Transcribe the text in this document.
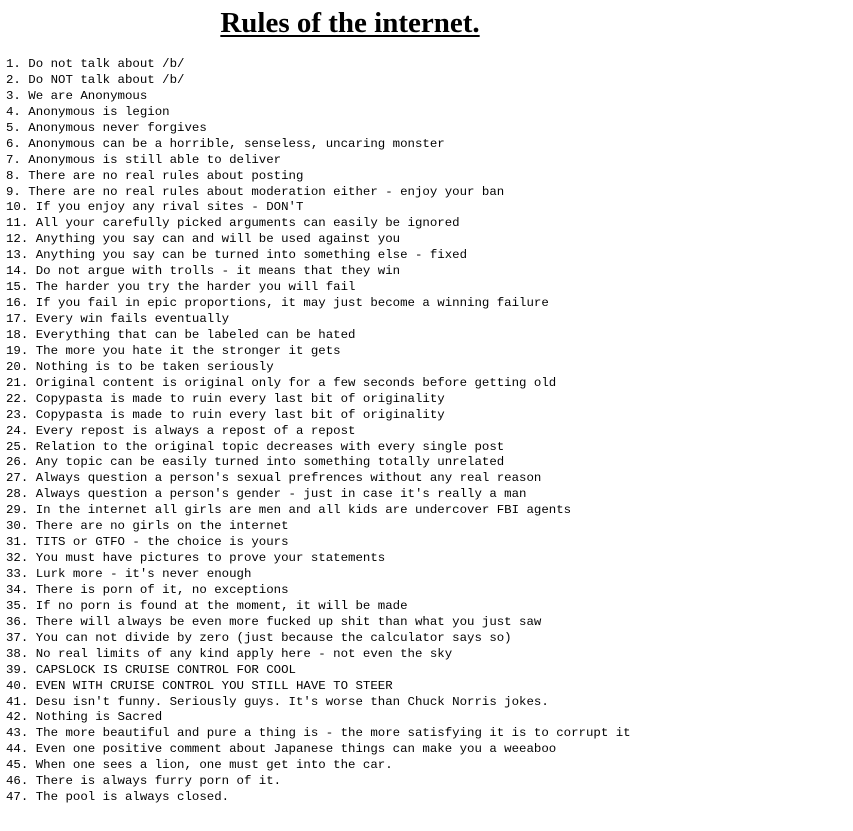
Rules of the internet.
1. Do not talk about /b/
2. Do NOT talk about /b/
3. We are Anonymous
4. Anonymous is legion
5. Anonymous never forgives
6. Anonymous can be a horrible, senseless, uncaring monster
7. Anonymous is still able to deliver
8. There are no real rules about posting
9. There are no real rules about moderation either - enjoy your ban
10. If you enjoy any rival sites - DON'T
11. All your carefully picked arguments can easily be ignored
12. Anything you say can and will be used against you
13. Anything you say can be turned into something else - fixed
14. Do not argue with trolls - it means that they win
15. The harder you try the harder you will fail
16. If you fail in epic proportions, it may just become a winning failure
17. Every win fails eventually
18. Everything that can be labeled can be hated
19. The more you hate it the stronger it gets
20. Nothing is to be taken seriously
21. Original content is original only for a few seconds before getting old
22. Copypasta is made to ruin every last bit of originality
23. Copypasta is made to ruin every last bit of originality
24. Every repost is always a repost of a repost
25. Relation to the original topic decreases with every single post
26. Any topic can be easily turned into something totally unrelated
27. Always question a person's sexual prefrences without any real reason
28. Always question a person's gender - just in case it's really a man
29. In the internet all girls are men and all kids are undercover FBI agents
30. There are no girls on the internet
31. TITS or GTFO - the choice is yours
32. You must have pictures to prove your statements
33. Lurk more - it's never enough
34. There is porn of it, no exceptions
35. If no porn is found at the moment, it will be made
36. There will always be even more fucked up shit than what you just saw
37. You can not divide by zero (just because the calculator says so)
38. No real limits of any kind apply here - not even the sky
39. CAPSLOCK IS CRUISE CONTROL FOR COOL
40. EVEN WITH CRUISE CONTROL YOU STILL HAVE TO STEER
41. Desu isn't funny. Seriously guys. It's worse than Chuck Norris jokes.
42. Nothing is Sacred
43. The more beautiful and pure a thing is - the more satisfying it is to corrupt it
44. Even one positive comment about Japanese things can make you a weeaboo
45. When one sees a lion, one must get into the car.
46. There is always furry porn of it.
47. The pool is always closed.
